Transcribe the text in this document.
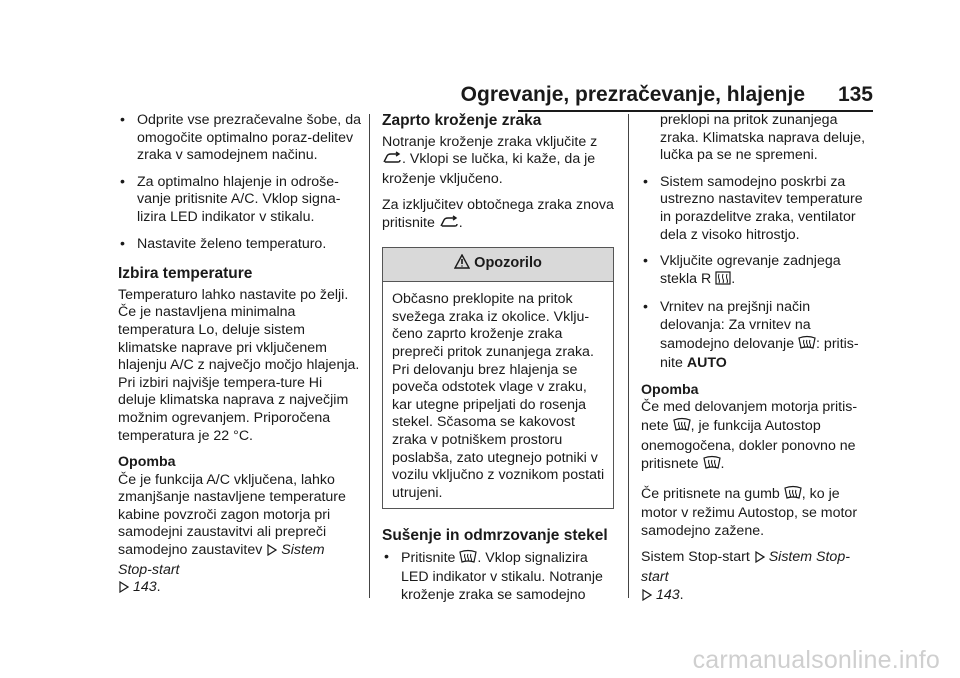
Ogrevanje, prezračevanje, hlajenje 135
• Odprite vse prezračevalne šobe, da omogočite optimalno poraz-delitev zraka v samodejnem načinu.
• Za optimalno hlajenje in odroše-vanje pritisnite A/C. Vklop signa-lizira LED indikator v stikalu.
• Nastavite želeno temperaturo.
Izbira temperature

Temperaturo lahko nastavite po želji. Če je nastavljena minimalna temperatura Lo, deluje sistem klimatske naprave pri vključenem hlajenju A/C z največjo močjo hlajenja. Pri izbiri najvišje tempera-ture Hi deluje klimatska naprava z največjim možnim ogrevanjem. Priporočena temperatura je 22 °C.

Opomba

Če je funkcija A/C vključena, lahko zmanjšanje nastavljene temperature kabine povzroči zagon motorja pri samodejni zaustavitvi ali prepreči samodejno zaustavitev Sistem Stop-start
143.

Zaprto kroženje zraka

Notranje kroženje zraka vključite z . Vklopi se lučka, ki kaže, da je kroženje vključeno.

Za izključitev obtočnega zraka znova pritisnite .

Opozorilo
Občasno preklopite na pritok svežega zraka iz okolice. Vklju-čeno zaprto kroženje zraka prepreči pritok zunanjega zraka. Pri delovanju brez hlajenja se poveča odstotek vlage v zraku, kar utegne pripeljati do rosenja stekel. Sčasoma se kakovost zraka v potniškem prostoru poslabša, zato utegnejo potniki v vozilu vključno z voznikom postati utrujeni.
Sušenje in odmrzovanje stekel
• Pritisnite . Vklop signalizira LED indikator v stikalu. Notranje kroženje zraka se samodejno

preklopi na pritok zunanjega zraka. Klimatska naprava deluje, lučka pa se ne spremeni.

• Sistem samodejno poskrbi za ustrezno nastavitev temperature in porazdelitve zraka, ventilator dela z visoko hitrostjo.
• Vključite ogrevanje zadnjega stekla R .
• Vrnitev na prejšnji način delovanja: Za vrnitev na samodejno delovanje : pritis-nite AUTO

Opomba

Če med delovanjem motorja pritis-nete , je funkcija Autostop onemogočena, dokler ponovno ne pritisnete .

Če pritisnete na gumb , ko je motor v režimu Autostop, se motor samodejno zažene.

Sistem Stop-start Sistem Stop-start
143.

carmanualsonline.info
